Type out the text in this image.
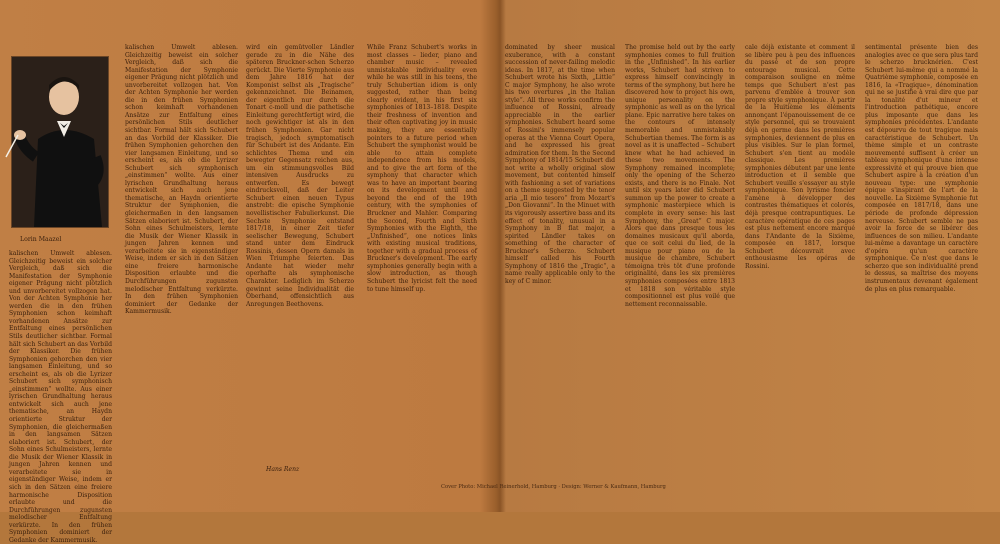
Lorin Maazel
kalischen Umwelt ablesen. Gleichzeitig beweist ein solcher Vergleich, daß sich die Manifestation der Symphonie eigener Prägung nicht plötzlich und unvorbereitet vollzogen hat. Von der Achten Symphonie her werden die in den frühen Symphonien schon keimhaft vorhandenen Ansätze zur Entfaltung eines persönlichen Stils deutlicher sichtbar. Formal hält sich Schubert an das Vorbild der Klassiker. Die frühen Symphonien gehorchen den vier langsamen Einleitung, und so erscheint es, als ob die Lyrizer Schubert sich symphonisch „einstimmen“ wollte. Aus einer lyrischen Grundhaltung heraus entwickelt sich auch jene thematische, an Haydn orientierte Struktur der Symphonien, die gleichermaßen in den langsamen Sätzen elaboriert ist. Schubert, der Sohn eines Schulmeisters, lernte die Musik der Wiener Klassik in jungen Jahren kennen und verarbeitete sie in eigenständiger Weise, indem er sich in den Sätzen eine freiere harmonische Disposition erlaubte und die Durchführungen zugunsten melodischer Entfaltung verkürzte. In den frühen Symphonien dominiert der Gedanke der Kammermusik.
kalischen Umwelt ablesen. Gleichzeitig beweist ein solcher Vergleich, daß sich die Manifestation der Symphonie eigener Prägung nicht plötzlich und unvorbereitet vollzogen hat. Von der Achten Symphonie her werden die in den frühen Symphonien schon keimhaft vorhandenen Ansätze zur Entfaltung eines persönlichen Stils deutlicher sichtbar. Formal hält sich Schubert an das Vorbild der Klassiker. Die frühen Symphonien gehorchen den vier langsamen Einleitung, und so erscheint es, als ob die Lyrizer Schubert sich symphonisch „einstimmen“ wollte. Aus einer lyrischen Grundhaltung heraus entwickelt sich auch jene thematische, an Haydn orientierte Struktur der Symphonien, die gleichermaßen in den langsamen Sätzen elaboriert ist. Schubert, der Sohn eines Schulmeisters, lernte die Musik der Wiener Klassik in jungen Jahren kennen und verarbeitete sie in eigenständiger Weise, indem er sich in den Sätzen eine freiere harmonische Disposition erlaubte und die Durchführungen zugunsten melodischer Entfaltung verkürzte. In den frühen Symphonien dominiert der Gedanke der Kammermusik.
wird ein gemütvoller Ländler gerade zu in die Nähe des späteren Bruckner-schen Scherzo gerückt. Die Vierte Symphonie aus dem Jahre 1816 hat der Komponist selbst als „Tragische“ gekennzeichnet. Die Beinamen, der eigentlich nur durch die Tonart c-moll und die pathetische Einleitung gerechtfertigt wird, die noch gewichtiger ist als in den frühen Symphonien. Gar nicht tragisch, jedoch symptomatisch für Schubert ist des Andante. Ein schlichtes Thema und ein bewegter Gegensatz reichen aus, um ein stimmungsvolles Bild intensiven Ausdrucks zu entwerfen. Es bewegt eindrucksvoll, daß der Leiter Schubert einen neuen Typus anstrebt: die epische Symphonie novellistischer Fabulierkunst. Die Sechste Symphonie entstand 1817/18, in einer Zeit tiefer seelischer Bewegung, Schubert stand unter dem Eindruck Rossinis, dessen Opern damals in Wien Triumphe feierten. Das Andante hat wieder mehr operhafte als symphonische Charakter. Lediglich im Scherzo gewinnt seine Individualität die Oberhand, offensichtlich aus Anregungen Beethovens.
Hans Renz
While Franz Schubert's works in most classes – lieder, piano and chamber music – revealed unmistakable individuality even while he was still in his teens, the truly Schubertian idiom is only suggested, rather than being clearly evident, in his first six symphonies of 1813–1818. Despite their freshness of invention and their often captivating joy in music making, they are essentially pointers to a future period when Schubert the symphonist would be able to attain complete independence from his models, and to give the art form of the symphony that character which was to have an important bearing on its development until and beyond the end of the 19th century, with the symphonies of Bruckner and Mahler. Comparing the Second, Fourth and Sixth Symphonies with the Eighth, the „Unfinished“, one notices links with existing musical traditions, together with a gradual process of Bruckner's development. The early symphonies generally begin with a slow introduction, as though Schubert the lyricist felt the need to tune himself up.
Cover Photo: Michael Reinerhold, Hamburg · Design: Werner & Kaufmann, Hamburg
dominated by sheer musical exuberance, with a constant succession of never-failing melodic ideas. In 1817, at the time when Schubert wrote his Sixth, „Little“ C major Symphony, he also wrote his two overtures „in the Italian style“. All three works confirm the influence of Rossini, already appreciable in the earlier symphonies. Schubert heard some of Rossini's immensely popular operas at the Vienna Court Opera, and he expressed his great admiration for them. In the Second Symphony of 1814/15 Schubert did not write a wholly original slow movement, but contented himself with fashioning a set of variations on a theme suggested by the tenor aria „Il mio tesoro“ from Mozart's „Don Giovanni“. In the Minuet with its vigorously assertive bass and its effect of tonality, unusual in a Symphony in B flat major, a spirited Ländler takes on something of the character of Bruckner's Scherzo. Schubert himself called his Fourth Symphony of 1816 the „Tragic“, a name really applicable only to the key of C minor.
The promise held out by the early symphonies comes to full fruition in the „Unfinished“. In his earlier works, Schubert had striven to express himself convincingly in terms of the symphony, but here he discovered how to project his own, unique personality on the symphonic as well as on the lyrical plane. Epic narrative here takes on the contours of intensely memorable and unmistakably Schubertian themes. The form is as novel as it is unaffected – Schubert knew what he had achieved in these two movements. The Symphony remained incomplete; only the opening of the Scherzo exists, and there is no Finale. Not until six years later did Schubert summon up the power to create a symphonic masterpiece which is complete in every sense: his last Symphony, the „Great“ C major. Alors que dans presque tous les domaines musicaux qu'il aborda, que ce soit celui du lied, de la musique pour piano ou de la musique de chambre, Schubert témoigna très tôt d'une profonde originalité, dans les six premières symphonies composées entre 1813 et 1818 son véritable style compositionnel est plus voilé que nettement reconnaissable.
cale déjà existante et comment il se libère peu à peu des influences du passé et de son propre entourage musical. Cette comparaison souligne en même temps que Schubert n'est pas parvenu d'emblée à trouver son propre style symphonique. À partir de la Huitième les éléments annonçant l'épanouissement de ce style personnel, qui se trouvaient déjà en germe dans les premières symphonies, deviennent de plus en plus visibles. Sur le plan formel, Schubert s'en tient au modèle classique. Les premières symphonies débutent par une lente introduction et il semble que Schubert veuille s'essayer au style symphonique. Son lyrisme foncier l'amène à développer des contrastes thématiques et colorés, déjà presque contrapuntiques. Le caractère opératique de ces pages est plus nettement encore marqué dans l'Andante de la Sixième, composée en 1817, lorsque Schubert découvrait avec enthousiasme les opéras de Rossini.
sentimental présente bien des analogies avec ce que sera plus tard le scherzo brucknérien. C'est Schubert lui-même qui a nommé la Quatrième symphonie, composée en 1816, la «Tragique», dénomination qui ne se justifie à vrai dire que par la tonalité d'ut mineur et l'introduction pathétique, encore plus imposante que dans les symphonies précédentes. L'andante est dépourvu de tout tragique mais caractéristique de Schubert. Un thème simple et un contraste mouvementé suffisent à créer un tableau symphonique d'une intense expressivité et qui prouve bien que Schubert aspire à la création d'un nouveau type: une symphonie épique s'inspirant de l'art de la nouvelle. La Sixième Symphonie fut composée en 1817/18, dans une période de profonde dépression nerveuse. Schubert semble ne pas avoir la force de se libérer des influences de son milieu. L'andante lui-même a davantage un caractère d'opéra qu'un caractère symphonique. Ce n'est que dans le scherzo que son individualité prend le dessus, sa maîtrise des moyens instrumentaux devenant également de plus en plus remarquable.
